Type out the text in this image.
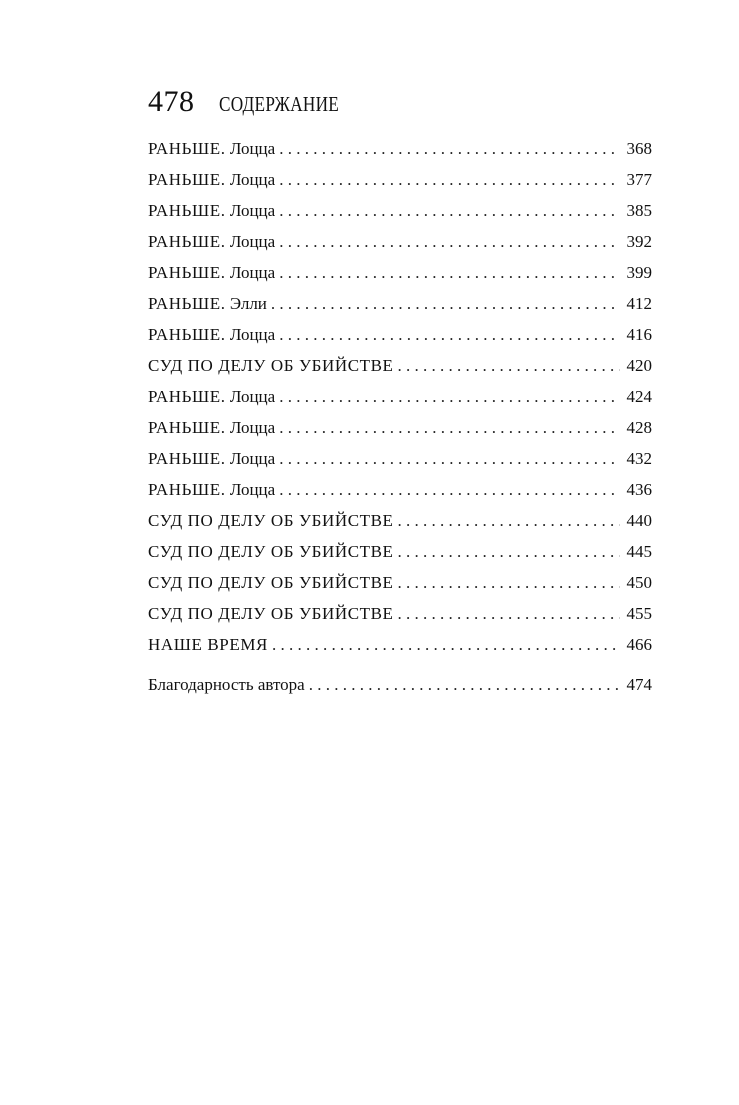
478 СОДЕРЖАНИЕ
РАНЬШЕ. Лоцца . . .	368
РАНЬШЕ. Лоцца . . .	377
РАНЬШЕ. Лоцца . . .	385
РАНЬШЕ. Лоцца . . .	392
РАНЬШЕ. Лоцца . . .	399
РАНЬШЕ. Элли . . .	412
РАНЬШЕ. Лоцца . . .	416
СУД ПО ДЕЛУ ОБ УБИЙСТВЕ . . .	420
РАНЬШЕ. Лоцца . . .	424
РАНЬШЕ. Лоцца . . .	428
РАНЬШЕ. Лоцца . . .	432
РАНЬШЕ. Лоцца . . .	436
СУД ПО ДЕЛУ ОБ УБИЙСТВЕ . . .	440
СУД ПО ДЕЛУ ОБ УБИЙСТВЕ . . .	445
СУД ПО ДЕЛУ ОБ УБИЙСТВЕ . . .	450
СУД ПО ДЕЛУ ОБ УБИЙСТВЕ . . .	455
НАШЕ ВРЕМЯ . . .	466
Благодарность автора . . .	474
